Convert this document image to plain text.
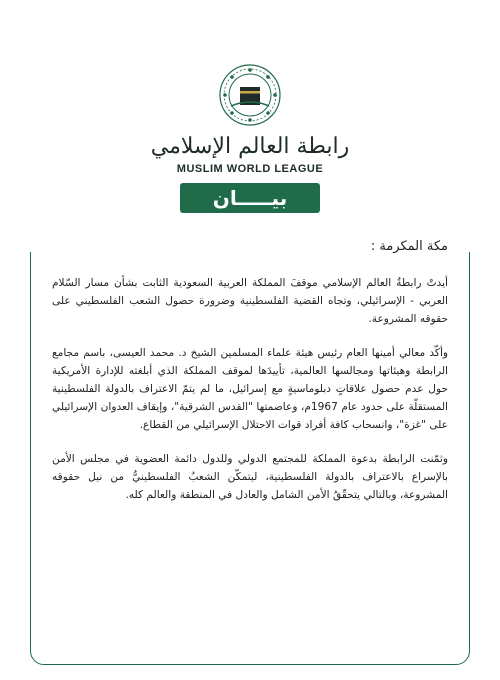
رابطة العالم الإسلامي
MUSLIM WORLD LEAGUE
بيـــــان
مكة المكرمة :

أيدتْ رابطةُ العالم الإسلامي موقفَ المملكة العربية السعودية الثابت بشأن مسار السّلام العربي - الإسرائيلي، وتجاه القضية الفلسطينية وضرورة حصول الشعب الفلسطيني على حقوقه المشروعة.

وأكّد معالي أمينها العام رئيس هيئة علماء المسلمين الشيخ د. محمد العيسى، باسم مجامع الرابطة وهيئاتها ومجالسها العالمية، تأييدَها لموقف المملكة الذي أبلغته للإدارة الأمريكية حول عدم حصول علاقاتٍ دبلوماسيةٍ مع إسرائيل، ما لم يتمّ الاعتراف بالدولة الفلسطينية المستقلّة على حدود عام 1967م، وعاصمتها "القدس الشرقية"، وإيقاف العدوان الإسرائيلي على "غزة"، وانسحاب كافة أفراد قوات الاحتلال الإسرائيلي من القطاع.

وثمّنت الرابطة بدعوة المملكة للمجتمع الدولي وللدول دائمة العضوية في مجلس الأمن بالإسراع بالاعتراف بالدولة الفلسطينية، ليتمكّن الشعبُ الفلسطينيُّ من نيل حقوقه المشروعة، وبالتالي يتحقّقُ الأمن الشامل والعادل في المنطقة والعالم كله.
